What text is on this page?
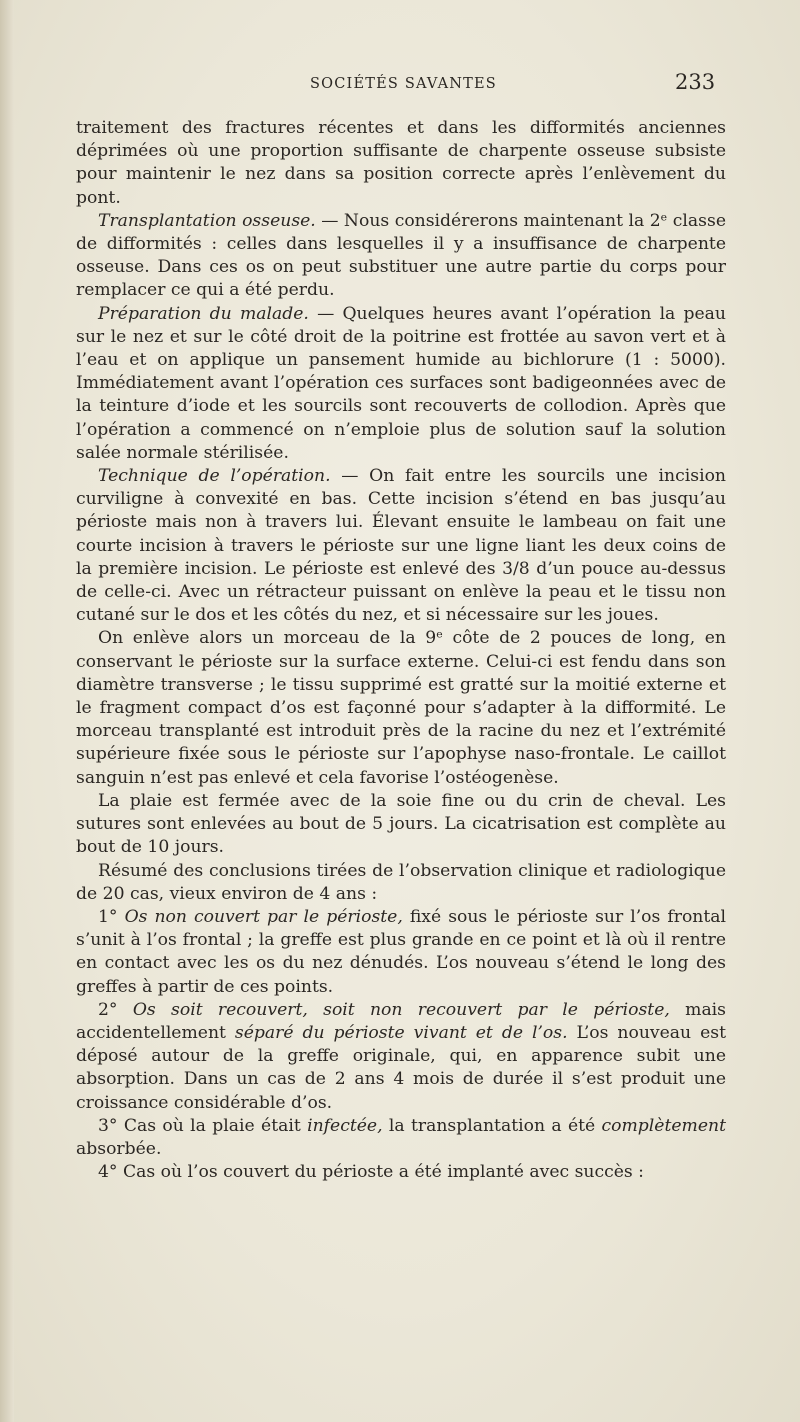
SOCIÉTÉS SAVANTES	233

traitement des fractures récentes et dans les difformités anciennes déprimées où une proportion suffisante de charpente osseuse subsiste pour maintenir le nez dans sa position correcte après l’enlèvement du pont.

Transplantation osseuse. — Nous considérerons maintenant la 2ᵉ classe de difformités : celles dans lesquelles il y a insuffisance de charpente osseuse. Dans ces os on peut substituer une autre partie du corps pour remplacer ce qui a été perdu.

Préparation du malade. — Quelques heures avant l’opération la peau sur le nez et sur le côté droit de la poitrine est frottée au savon vert et à l’eau et on applique un pansement humide au bichlorure (1 : 5000). Immédiatement avant l’opération ces surfaces sont badigeonnées avec de la teinture d’iode et les sourcils sont recouverts de collodion. Après que l’opération a commencé on n’emploie plus de solution sauf la solution salée normale stérilisée.

Technique de l’opération. — On fait entre les sourcils une incision curviligne à convexité en bas. Cette incision s’étend en bas jusqu’au périoste mais non à travers lui. Élevant ensuite le lambeau on fait une courte incision à travers le périoste sur une ligne liant les deux coins de la première incision. Le périoste est enlevé des 3/8 d’un pouce au-dessus de celle-ci. Avec un rétracteur puissant on enlève la peau et le tissu non cutané sur le dos et les côtés du nez, et si nécessaire sur les joues.

On enlève alors un morceau de la 9ᵉ côte de 2 pouces de long, en conservant le périoste sur la surface externe. Celui-ci est fendu dans son diamètre transverse ; le tissu supprimé est gratté sur la moitié externe et le fragment compact d’os est façonné pour s’adapter à la difformité. Le morceau transplanté est introduit près de la racine du nez et l’extrémité supérieure fixée sous le périoste sur l’apophyse naso-frontale. Le caillot sanguin n’est pas enlevé et cela favorise l’ostéogenèse.

La plaie est fermée avec de la soie fine ou du crin de cheval. Les sutures sont enlevées au bout de 5 jours. La cicatrisation est complète au bout de 10 jours.

Résumé des conclusions tirées de l’observation clinique et radiologique de 20 cas, vieux environ de 4 ans :

1° Os non couvert par le périoste, fixé sous le périoste sur l’os frontal s’unit à l’os frontal ; la greffe est plus grande en ce point et là où il rentre en contact avec les os du nez dénudés. L’os nouveau s’étend le long des greffes à partir de ces points.

2° Os soit recouvert, soit non recouvert par le périoste, mais accidentellement séparé du périoste vivant et de l’os. L’os nouveau est déposé autour de la greffe originale, qui, en apparence subit une absorption. Dans un cas de 2 ans 4 mois de durée il s’est produit une croissance considérable d’os.

3° Cas où la plaie était infectée, la transplantation a été complètement absorbée.

4° Cas où l’os couvert du périoste a été implanté avec succès :
